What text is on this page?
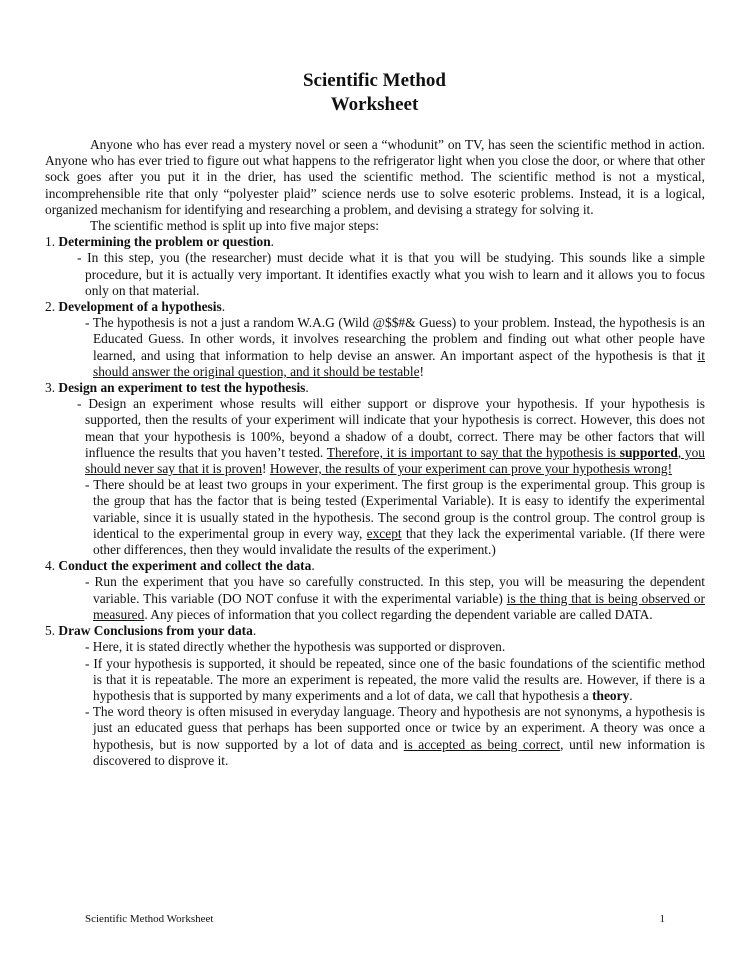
Scientific Method
Worksheet

Anyone who has ever read a mystery novel or seen a “whodunit” on TV, has seen the scientific method in action. Anyone who has ever tried to figure out what happens to the refrigerator light when you close the door, or where that other sock goes after you put it in the drier, has used the scientific method. The scientific method is not a mystical, incomprehensible rite that only “polyester plaid” science nerds use to solve esoteric problems. Instead, it is a logical, organized mechanism for identifying and researching a problem, and devising a strategy for solving it.

The scientific method is split up into five major steps:

1. Determining the problem or question.

- In this step, you (the researcher) must decide what it is that you will be studying. This sounds like a simple procedure, but it is actually very important. It identifies exactly what you wish to learn and it allows you to focus only on that material.

2. Development of a hypothesis.

- The hypothesis is not a just a random W.A.G (Wild @$$#& Guess) to your problem. Instead, the hypothesis is an Educated Guess. In other words, it involves researching the problem and finding out what other people have learned, and using that information to help devise an answer. An important aspect of the hypothesis is that it should answer the original question, and it should be testable!

3. Design an experiment to test the hypothesis.

- Design an experiment whose results will either support or disprove your hypothesis. If your hypothesis is supported, then the results of your experiment will indicate that your hypothesis is correct. However, this does not mean that your hypothesis is 100%, beyond a shadow of a doubt, correct. There may be other factors that will influence the results that you haven’t tested. Therefore, it is important to say that the hypothesis is supported, you should never say that it is proven! However, the results of your experiment can prove your hypothesis wrong!

- There should be at least two groups in your experiment. The first group is the experimental group. This group is the group that has the factor that is being tested (Experimental Variable). It is easy to identify the experimental variable, since it is usually stated in the hypothesis. The second group is the control group. The control group is identical to the experimental group in every way, except that they lack the experimental variable. (If there were other differences, then they would invalidate the results of the experiment.)

4. Conduct the experiment and collect the data.

- Run the experiment that you have so carefully constructed. In this step, you will be measuring the dependent variable. This variable (DO NOT confuse it with the experimental variable) is the thing that is being observed or measured. Any pieces of information that you collect regarding the dependent variable are called DATA.

5. Draw Conclusions from your data.

- Here, it is stated directly whether the hypothesis was supported or disproven.

- If your hypothesis is supported, it should be repeated, since one of the basic foundations of the scientific method is that it is repeatable. The more an experiment is repeated, the more valid the results are. However, if there is a hypothesis that is supported by many experiments and a lot of data, we call that hypothesis a theory.

- The word theory is often misused in everyday language. Theory and hypothesis are not synonyms, a hypothesis is just an educated guess that perhaps has been supported once or twice by an experiment. A theory was once a hypothesis, but is now supported by a lot of data and is accepted as being correct, until new information is discovered to disprove it.

Scientific Method Worksheet	1
